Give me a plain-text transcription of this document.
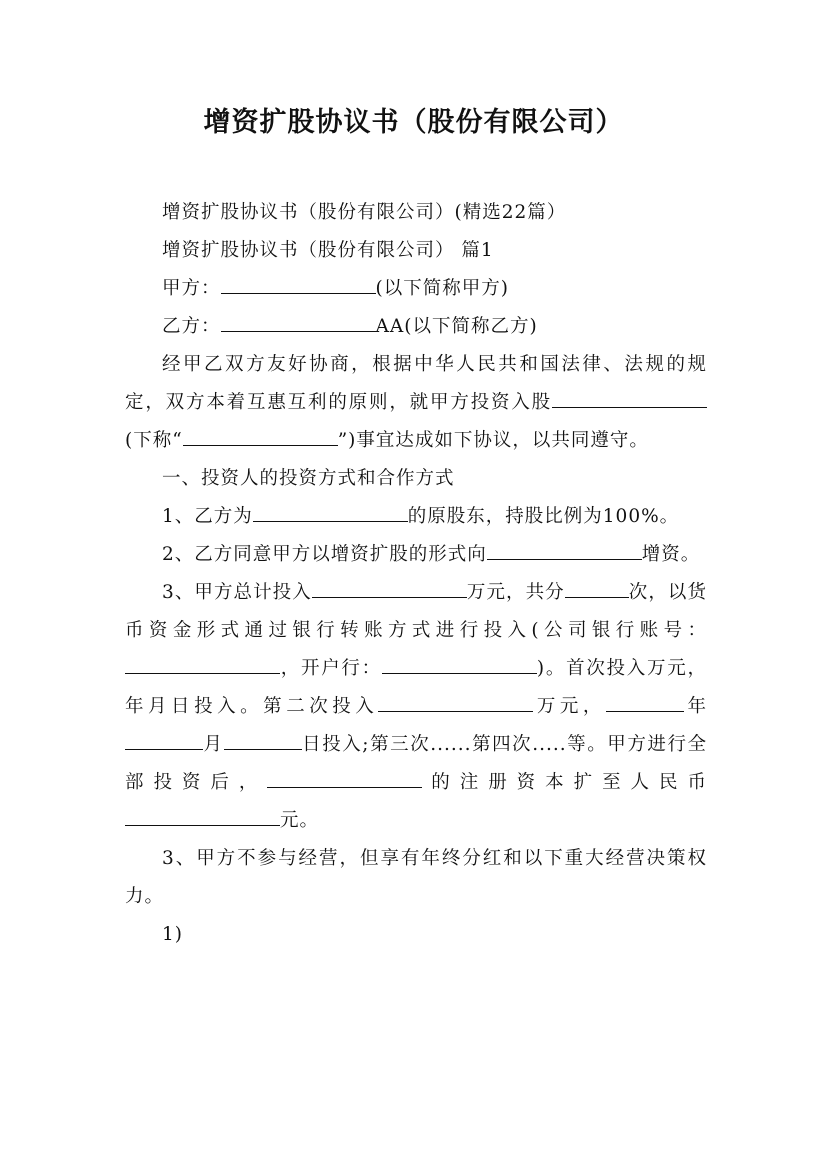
增资扩股协议书（股份有限公司）

增资扩股协议书（股份有限公司）(精选22篇）

增资扩股协议书（股份有限公司） 篇1

甲方：	(以下简称甲方)

乙方：	AA(以下简称乙方)

经甲乙双方友好协商，根据中华人民共和国法律、法规的规定，双方本着互惠互利的原则，就甲方投资入股(下称“	”)事宜达成如下协议，以共同遵守。

一、投资人的投资方式和合作方式

1、乙方为	的原股东，持股比例为100%。

2、乙方同意甲方以增资扩股的形式向	增资。

3、甲方总计投入	万元，共分	次，以货币资金形式通过银行转账方式进行投入(公司银行账号：，开户行：	)。首次投入万元，年月日投入。第二次投入	万元，	年月	日投入;第三次......第四次.....等。甲方进行全部投资后，	的注册资本扩至人民币元。

3、甲方不参与经营，但享有年终分红和以下重大经营决策权力。

1)
